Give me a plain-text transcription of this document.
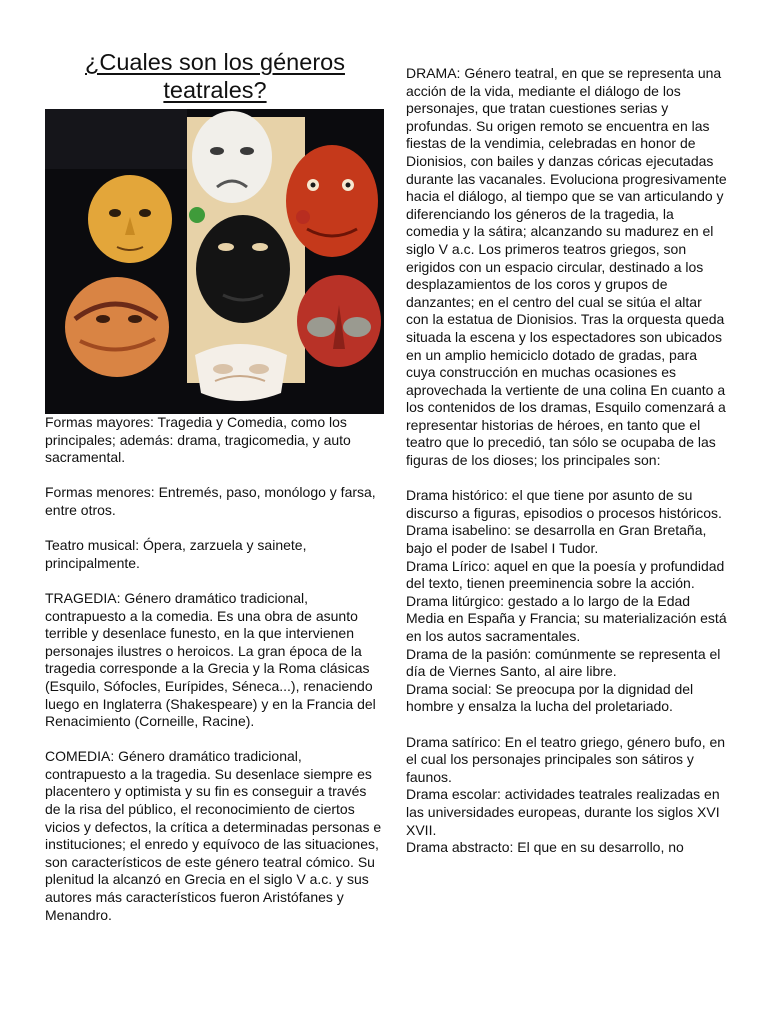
¿Cuales son los géneros teatrales?

Formas mayores: Tragedia y Comedia, como los principales; además: drama, tragicomedia, y auto sacramental.

Formas menores: Entremés, paso, monólogo y farsa, entre otros.

Teatro musical: Ópera, zarzuela y sainete, principalmente.

TRAGEDIA: Género dramático tradicional, contrapuesto a la comedia. Es una obra de asunto terrible y desenlace funesto, en la que intervienen personajes ilustres o heroicos. La gran época de la tragedia corresponde a la Grecia y la Roma clásicas (Esquilo, Sófocles, Eurípides, Séneca...), renaciendo luego en Inglaterra (Shakespeare) y en la Francia del Renacimiento (Corneille, Racine).

COMEDIA: Género dramático tradicional, contrapuesto a la tragedia. Su desenlace siempre es placentero y optimista y su fin es conseguir a través de la risa del público, el reconocimiento de ciertos vicios y defectos, la crítica a determinadas personas e instituciones; el enredo y equívoco de las situaciones, son característicos de este género teatral cómico. Su plenitud la alcanzó en Grecia en el siglo V a.c. y sus autores más característicos fueron Aristófanes y Menandro.

DRAMA: Género teatral, en que se representa una acción de la vida, mediante el diálogo de los personajes, que tratan cuestiones serias y profundas. Su origen remoto se encuentra en las fiestas de la vendimia, celebradas en honor de Dionisios, con bailes y danzas córicas ejecutadas durante las vacanales. Evoluciona progresivamente hacia el diálogo, al tiempo que se van articulando y diferenciando los géneros de la tragedia, la comedia y la sátira; alcanzando su madurez en el siglo V a.c. Los primeros teatros griegos, son erigidos con un espacio circular, destinado a los desplazamientos de los coros y grupos de danzantes; en el centro del cual se sitúa el altar con la estatua de Dionisios. Tras la orquesta queda situada la escena y los espectadores son ubicados en un amplio hemiciclo dotado de gradas, para cuya construcción en muchas ocasiones es aprovechada la vertiente de una colina En cuanto a los contenidos de los dramas, Esquilo comenzará a representar historias de héroes, en tanto que el teatro que lo precedió, tan sólo se ocupaba de las figuras de los dioses; los principales son:

Drama histórico: el que tiene por asunto de su discurso a figuras, episodios o procesos históricos.

Drama isabelino: se desarrolla en Gran Bretaña, bajo el poder de Isabel I Tudor.

Drama Lírico: aquel en que la poesía y profundidad del texto, tienen preeminencia sobre la acción.

Drama litúrgico: gestado a lo largo de la Edad Media en España y Francia; su materialización está en los autos sacramentales.

Drama de la pasión: comúnmente se representa el día de Viernes Santo, al aire libre.

Drama social: Se preocupa por la dignidad del hombre y ensalza la lucha del proletariado.

Drama satírico: En el teatro griego, género bufo, en el cual los personajes principales son sátiros y faunos.

Drama escolar: actividades teatrales realizadas en las universidades europeas, durante los siglos XVI XVII.

Drama abstracto: El que en su desarrollo, no
